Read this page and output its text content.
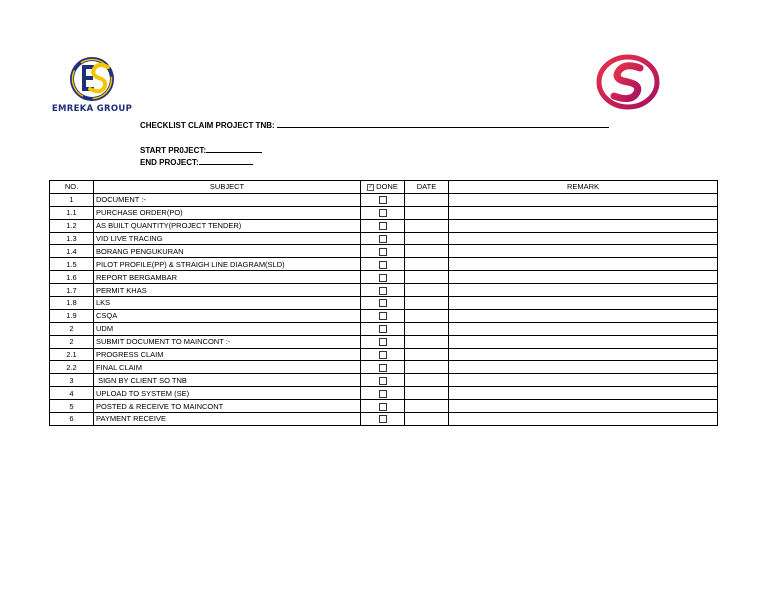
EMREKA GROUP
CHECKLIST CLAIM PROJECT TNB:
START PR0JECT:
END PROJECT:
NO.	SUBJECT	✓ DONE	DATE	REMARK
1	DOCUMENT :-			
1.1	PURCHASE ORDER(PO)			
1.2	AS BUILT QUANTITY(PROJECT TENDER)			
1.3	VID LIVE TRACING			
1.4	BORANG PENGUKURAN			
1.5	PILOT PROFILE(PP) & STRAIGH LINE DIAGRAM(SLD)			
1.6	REPORT BERGAMBAR			
1.7	PERMIT KHAS			
1.8	LKS			
1.9	CSQA			
2	UDM			
2	SUBMIT DOCUMENT TO MAINCONT :-			
2.1	PROGRESS CLAIM			
2.2	FINAL CLAIM			
3	SIGN BY CLIENT SO TNB			
4	UPLOAD TO SYSTEM (SE)			
5	POSTED & RECEIVE TO MAINCONT			
6	PAYMENT RECEIVE			
